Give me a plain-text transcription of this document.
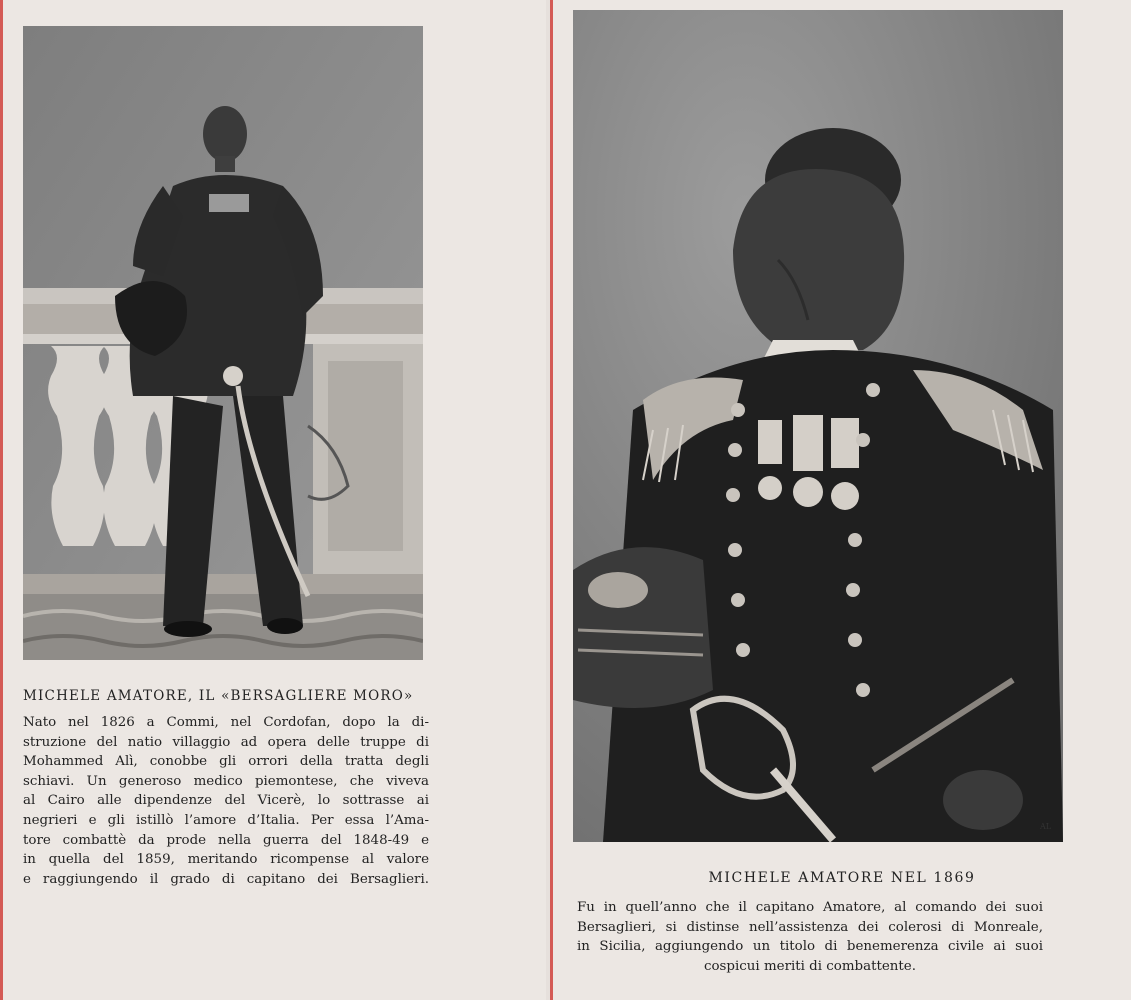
MICHELE AMATORE, IL «BERSAGLIERE MORO»
Nato nel 1826 a Commi, nel Cordofan, dopo la di-
struzione del natio villaggio ad opera delle truppe di
Mohammed Alì, conobbe gli orrori della tratta degli
schiavi. Un generoso medico piemontese, che viveva
al Cairo alle dipendenze del Vicerè, lo sottrasse ai
negrieri e gli istillò l’amore d’Italia. Per essa l’Ama-
tore combattè da prode nella guerra del 1848-49 e
in quella del 1859, meritando ricompense al valore
e raggiungendo il grado di capitano dei Bersaglieri.
AL
MICHELE AMATORE NEL 1869
Fu in quell’anno che il capitano Amatore, al comando dei suoi
Bersaglieri, si distinse nell’assistenza dei colerosi di Monreale,
in Sicilia, aggiungendo un titolo di benemerenza civile ai suoi
cospicui meriti di combattente.
